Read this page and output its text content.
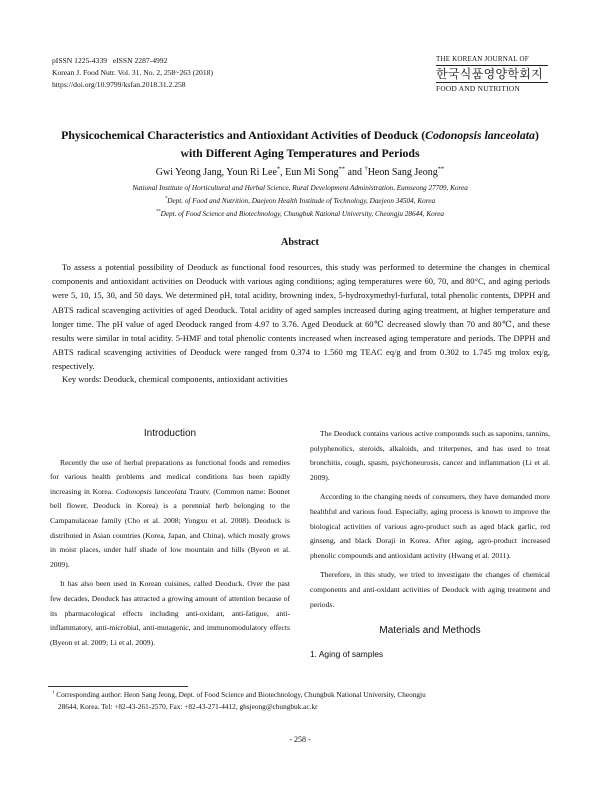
pISSN 1225-4339   eISSN 2287-4992
Korean J. Food Nutr. Vol. 31. No. 2, 258~263 (2018)
https://doi.org/10.9799/ksfan.2018.31.2.258
THE KOREAN JOURNAL OF
한국식품영양학회지
FOOD AND NUTRITION
Physicochemical Characteristics and Antioxidant Activities of Deoduck (Codonopsis lanceolata)
with Different Aging Temperatures and Periods
Gwi Yeong Jang, Youn Ri Lee*, Eun Mi Song** and †Heon Sang Jeong**
National Institute of Horticultural and Herbal Science, Rural Development Administration, Eumseong 27709, Korea
*Dept. of Food and Nutrition, Daejeon Health Institude of Technology, Daejeon 34504, Korea
**Dept. of Food Science and Biotechnology, Chungbuk National University, Cheongju 28644, Korea
Abstract
To assess a potential possibility of Deoduck as functional food resources, this study was performed to determine the changes in chemical components and antioxidant activities on Deoduck with various aging conditions; aging temperatures were 60, 70, and 80°C, and aging periods were 5, 10, 15, 30, and 50 days. We determined pH, total acidity, browning index, 5-hydroxymethyl-furfural, total phenolic contents, DPPH and ABTS radical scavenging activities of aged Deoduck. Total acidity of aged samples increased during aging treatment, at higher temperature and longer time. The pH value of aged Deoduck ranged from 4.97 to 3.76. Aged Deoduck at 60℃ decreased slowly than 70 and 80℃, and these results were similar in total acidity. 5-HMF and total phenolic contents increased when increased aging temperature and periods. The DPPH and ABTS radical scavenging activities of Deoduck were ranged from 0.374 to 1.560 mg TEAC eq/g and from 0.302 to 1.745 mg trolox eq/g, respectively.
Key words: Deoduck, chemical components, antioxidant activities

Introduction

Recently the use of herbal preparations as functional foods and remedies for various health problems and medical conditions has been rapidly increasing in Korea. Codonopsis lanceolata Trautv. (Common name: Bounet bell flower, Deoduck in Korea) is a perennial herb belonging to the Campanulaceae family (Cho et al. 2008; Yongxu et al. 2008). Deoduck is distributed in Asian countries (Korea, Japan, and China), which mostly grows in moist places, under half shade of low mountain and hills (Byeon et al. 2009).

It has also been used in Korean cuisines, called Deoduck. Over the past few decades, Deoduck has attracted a growing amount of attention because of its pharmacological effects including anti-oxidant, anti-fatigue, anti-inflammatory, anti-microbial, anti-mutagenic, and immunomodulatory effects (Byeon et al. 2009; Li et al. 2009).

The Deoduck contains various active compounds such as saponins, tannins, polyphenolics, steroids, alkaloids, and triterpenes, and has used to treat bronchitis, cough, spasm, psychoneurosis, cancer and inflammation (Li et al. 2009).

According to the changing needs of consumers, they have demanded more healthful and various food. Especially, aging process is known to improve the biological activities of various agro-product such as aged black garlic, red ginseng, and black Doraji in Korea. After aging, agro-product increased phenolic compounds and antioxidant activity (Hwang et al. 2011).

Therefore, in this study, we tried to investigate the changes of chemical components and anti-oxidant activities of Deoduck with aging treatment and periods.

Materials and Methods

1. Aging of samples

† Corresponding author: Heon Sang Jeong, Dept. of Food Science and Biotechnology, Chungbuk National University, Cheongju
28644, Korea. Tel: +82-43-261-2570, Fax: +82-43-271-4412, ghsjeong@chungbuk.ac.kr
- 258 -
